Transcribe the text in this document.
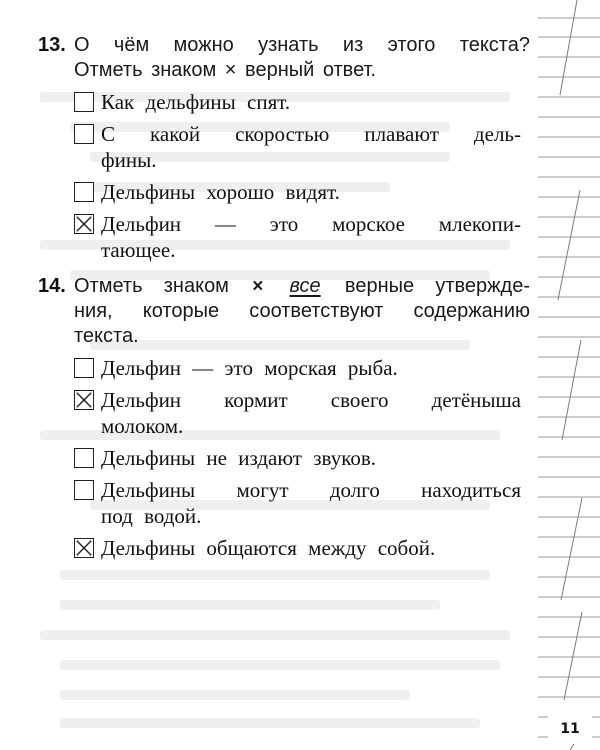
13. О чём можно узнать из этого текста?
Отметь знаком × верный ответ.
Как дельфины спят.
С какой скоростью плавают дель-
фины.
Дельфины хорошо видят.
Дельфин — это морское млекопи-
тающее.
14. Отметь знаком × все верные утвержде-
ния, которые соответствуют содержанию
текста.
Дельфин — это морская рыба.
Дельфин кормит своего детёныша
молоком.
Дельфины не издают звуков.
Дельфины могут долго находиться
под водой.
Дельфины общаются между собой.
11
